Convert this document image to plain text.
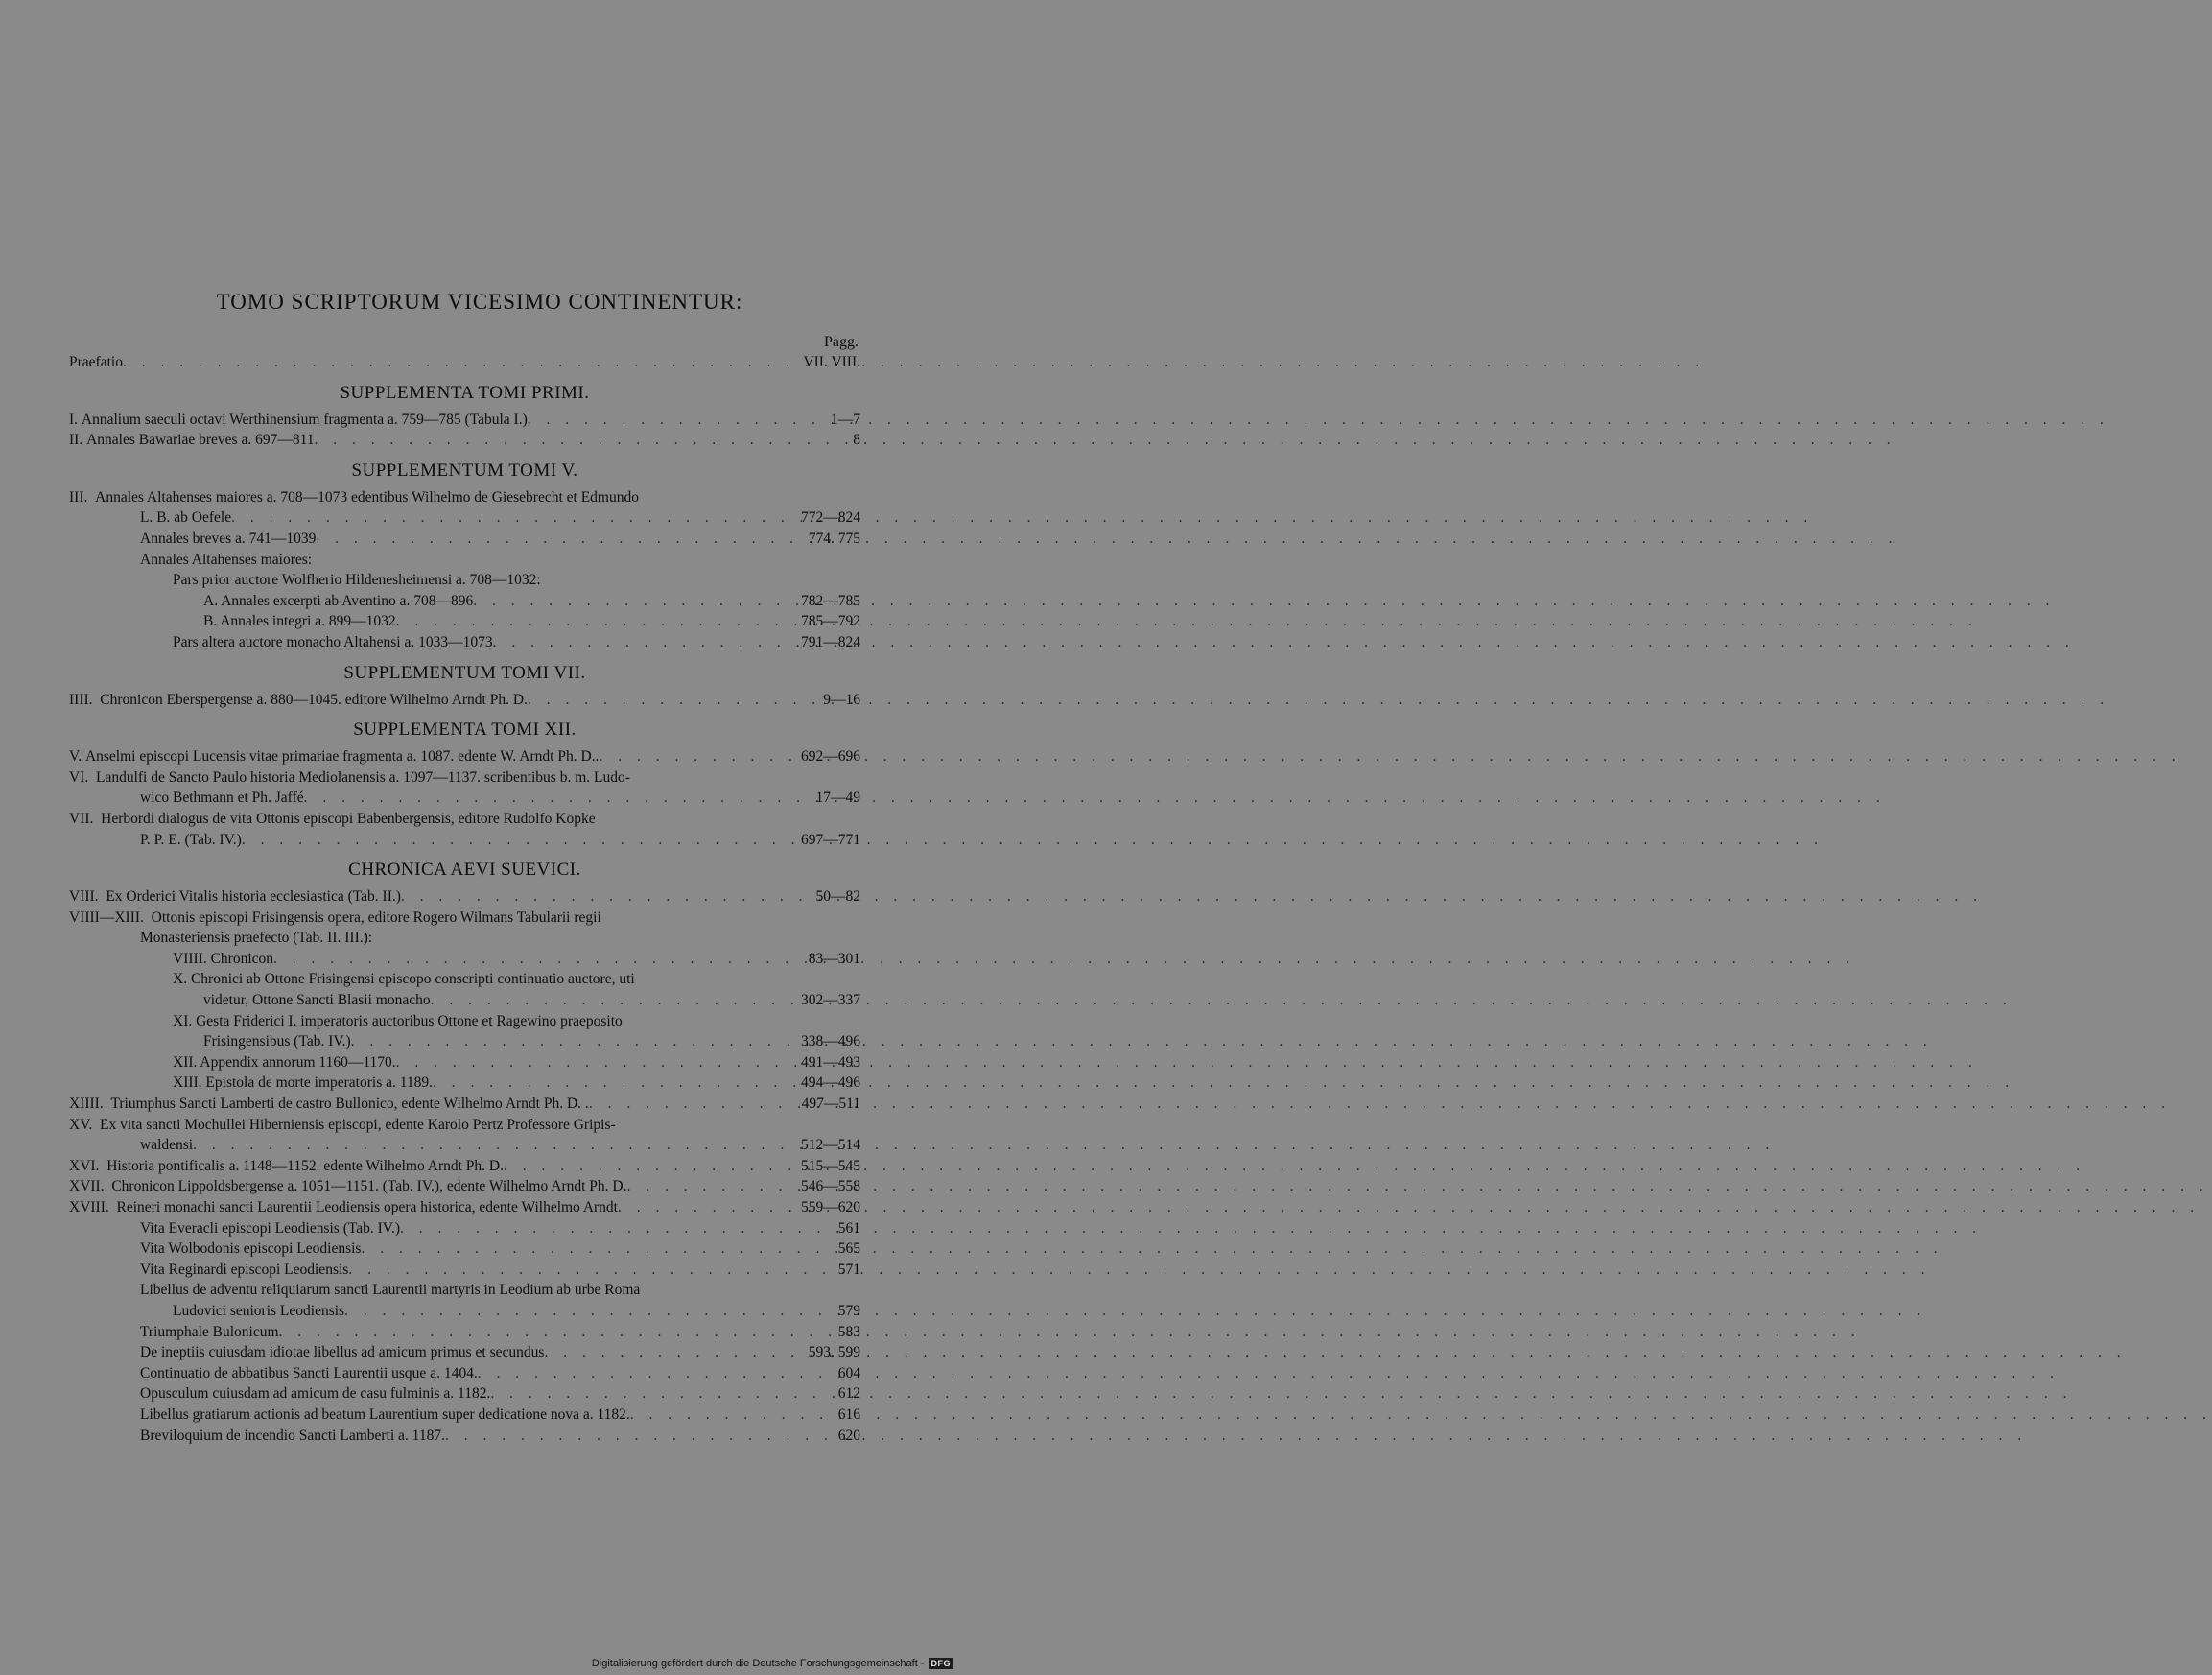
TOMO SCRIPTORUM VICESIMO CONTINENTUR:
Pagg.
Praefatio . . .	VII. VIII.
SUPPLEMENTA TOMI PRIMI.
I.
Annalium saeculi octavi Werthinensium fragmenta a. 759—785 (Tabula I.) . . .	1—7
II.
Annales Bawariae breves a. 697—811 . . .	8
SUPPLEMENTUM TOMI V.
III.
Annales Altahenses maiores a. 708—1073 edentibus Wilhelmo de Giesebrecht et Edmundo
L. B. ab Oefele . . .	772—824
Annales breves a. 741—1039 . . .	774. 775
Annales Altahenses maiores:
Pars prior auctore Wolfherio Hildenesheimensi a. 708—1032:
A. Annales excerpti ab Aventino a. 708—896 . . .	782—785
B. Annales integri a. 899—1032 . . .	785—792
Pars altera auctore monacho Altahensi a. 1033—1073 . . .	791—824
SUPPLEMENTUM TOMI VII.
IIII.
Chronicon Eberspergense a. 880—1045. editore Wilhelmo Arndt Ph. D. . . .	9—16
SUPPLEMENTA TOMI XII.
V.
Anselmi episcopi Lucensis vitae primariae fragmenta a. 1087. edente W. Arndt Ph. D.. . . .	692—696
VI.
Landulfi de Sancto Paulo historia Mediolanensis a. 1097—1137. scribentibus b. m. Ludo-
wico Bethmann et Ph. Jaffé . . .	17—49
VII.
Herbordi dialogus de vita Ottonis episcopi Babenbergensis, editore Rudolfo Köpke
P. P. E. (Tab. IV.) . . .	697—771
CHRONICA AEVI SUEVICI.
VIII.
Ex Orderici Vitalis historia ecclesiastica (Tab. II.) . . .	50—82
VIIII—XIII.
Ottonis episcopi Frisingensis opera, editore Rogero Wilmans Tabularii regii
Monasteriensis praefecto (Tab. II. III.):
VIIII. Chronicon . . .	83—301
X. Chronici ab Ottone Frisingensi episcopo conscripti continuatio auctore, uti
videtur, Ottone Sancti Blasii monacho . . .	302—337
XI. Gesta Friderici I. imperatoris auctoribus Ottone et Ragewino praeposito
Frisingensibus (Tab. IV.) . . .	338—496
XII. Appendix annorum 1160—1170. . . .	491—493
XIII. Epistola de morte imperatoris a. 1189. . . .	494—496
XIIII.
Triumphus Sancti Lamberti de castro Bullonico, edente Wilhelmo Arndt Ph. D. . . . .	497—511
XV.
Ex vita sancti Mochullei Hiberniensis episcopi, edente Karolo Pertz Professore Gripis-
waldensi . . .	512—514
XVI.
Historia pontificalis a. 1148—1152. edente Wilhelmo Arndt Ph. D. . . .	515—545
XVII.
Chronicon Lippoldsbergense a. 1051—1151. (Tab. IV.), edente Wilhelmo Arndt Ph. D. . . .	546—558
XVIII.
Reineri monachi sancti Laurentii Leodiensis opera historica, edente Wilhelmo Arndt . . .	559—620
Vita Everacli episcopi Leodiensis (Tab. IV.) . . .	561
Vita Wolbodonis episcopi Leodiensis . . .	565
Vita Reginardi episcopi Leodiensis . . .	571
Libellus de adventu reliquiarum sancti Laurentii martyris in Leodium ab urbe Roma
Ludovici senioris Leodiensis . . .	579
Triumphale Bulonicum . . .	583
De ineptiis cuiusdam idiotae libellus ad amicum primus et secundus . . .	593. 599
Continuatio de abbatibus Sancti Laurentii usque a. 1404. . . .	604
Opusculum cuiusdam ad amicum de casu fulminis a. 1182. . . .	612
Libellus gratiarum actionis ad beatum Laurentium super dedicatione nova a. 1182. . . .	616
Breviloquium de incendio Sancti Lamberti a. 1187. . . .	620
Digitalisierung gefördert durch die Deutsche Forschungsgemeinschaft - DFG
